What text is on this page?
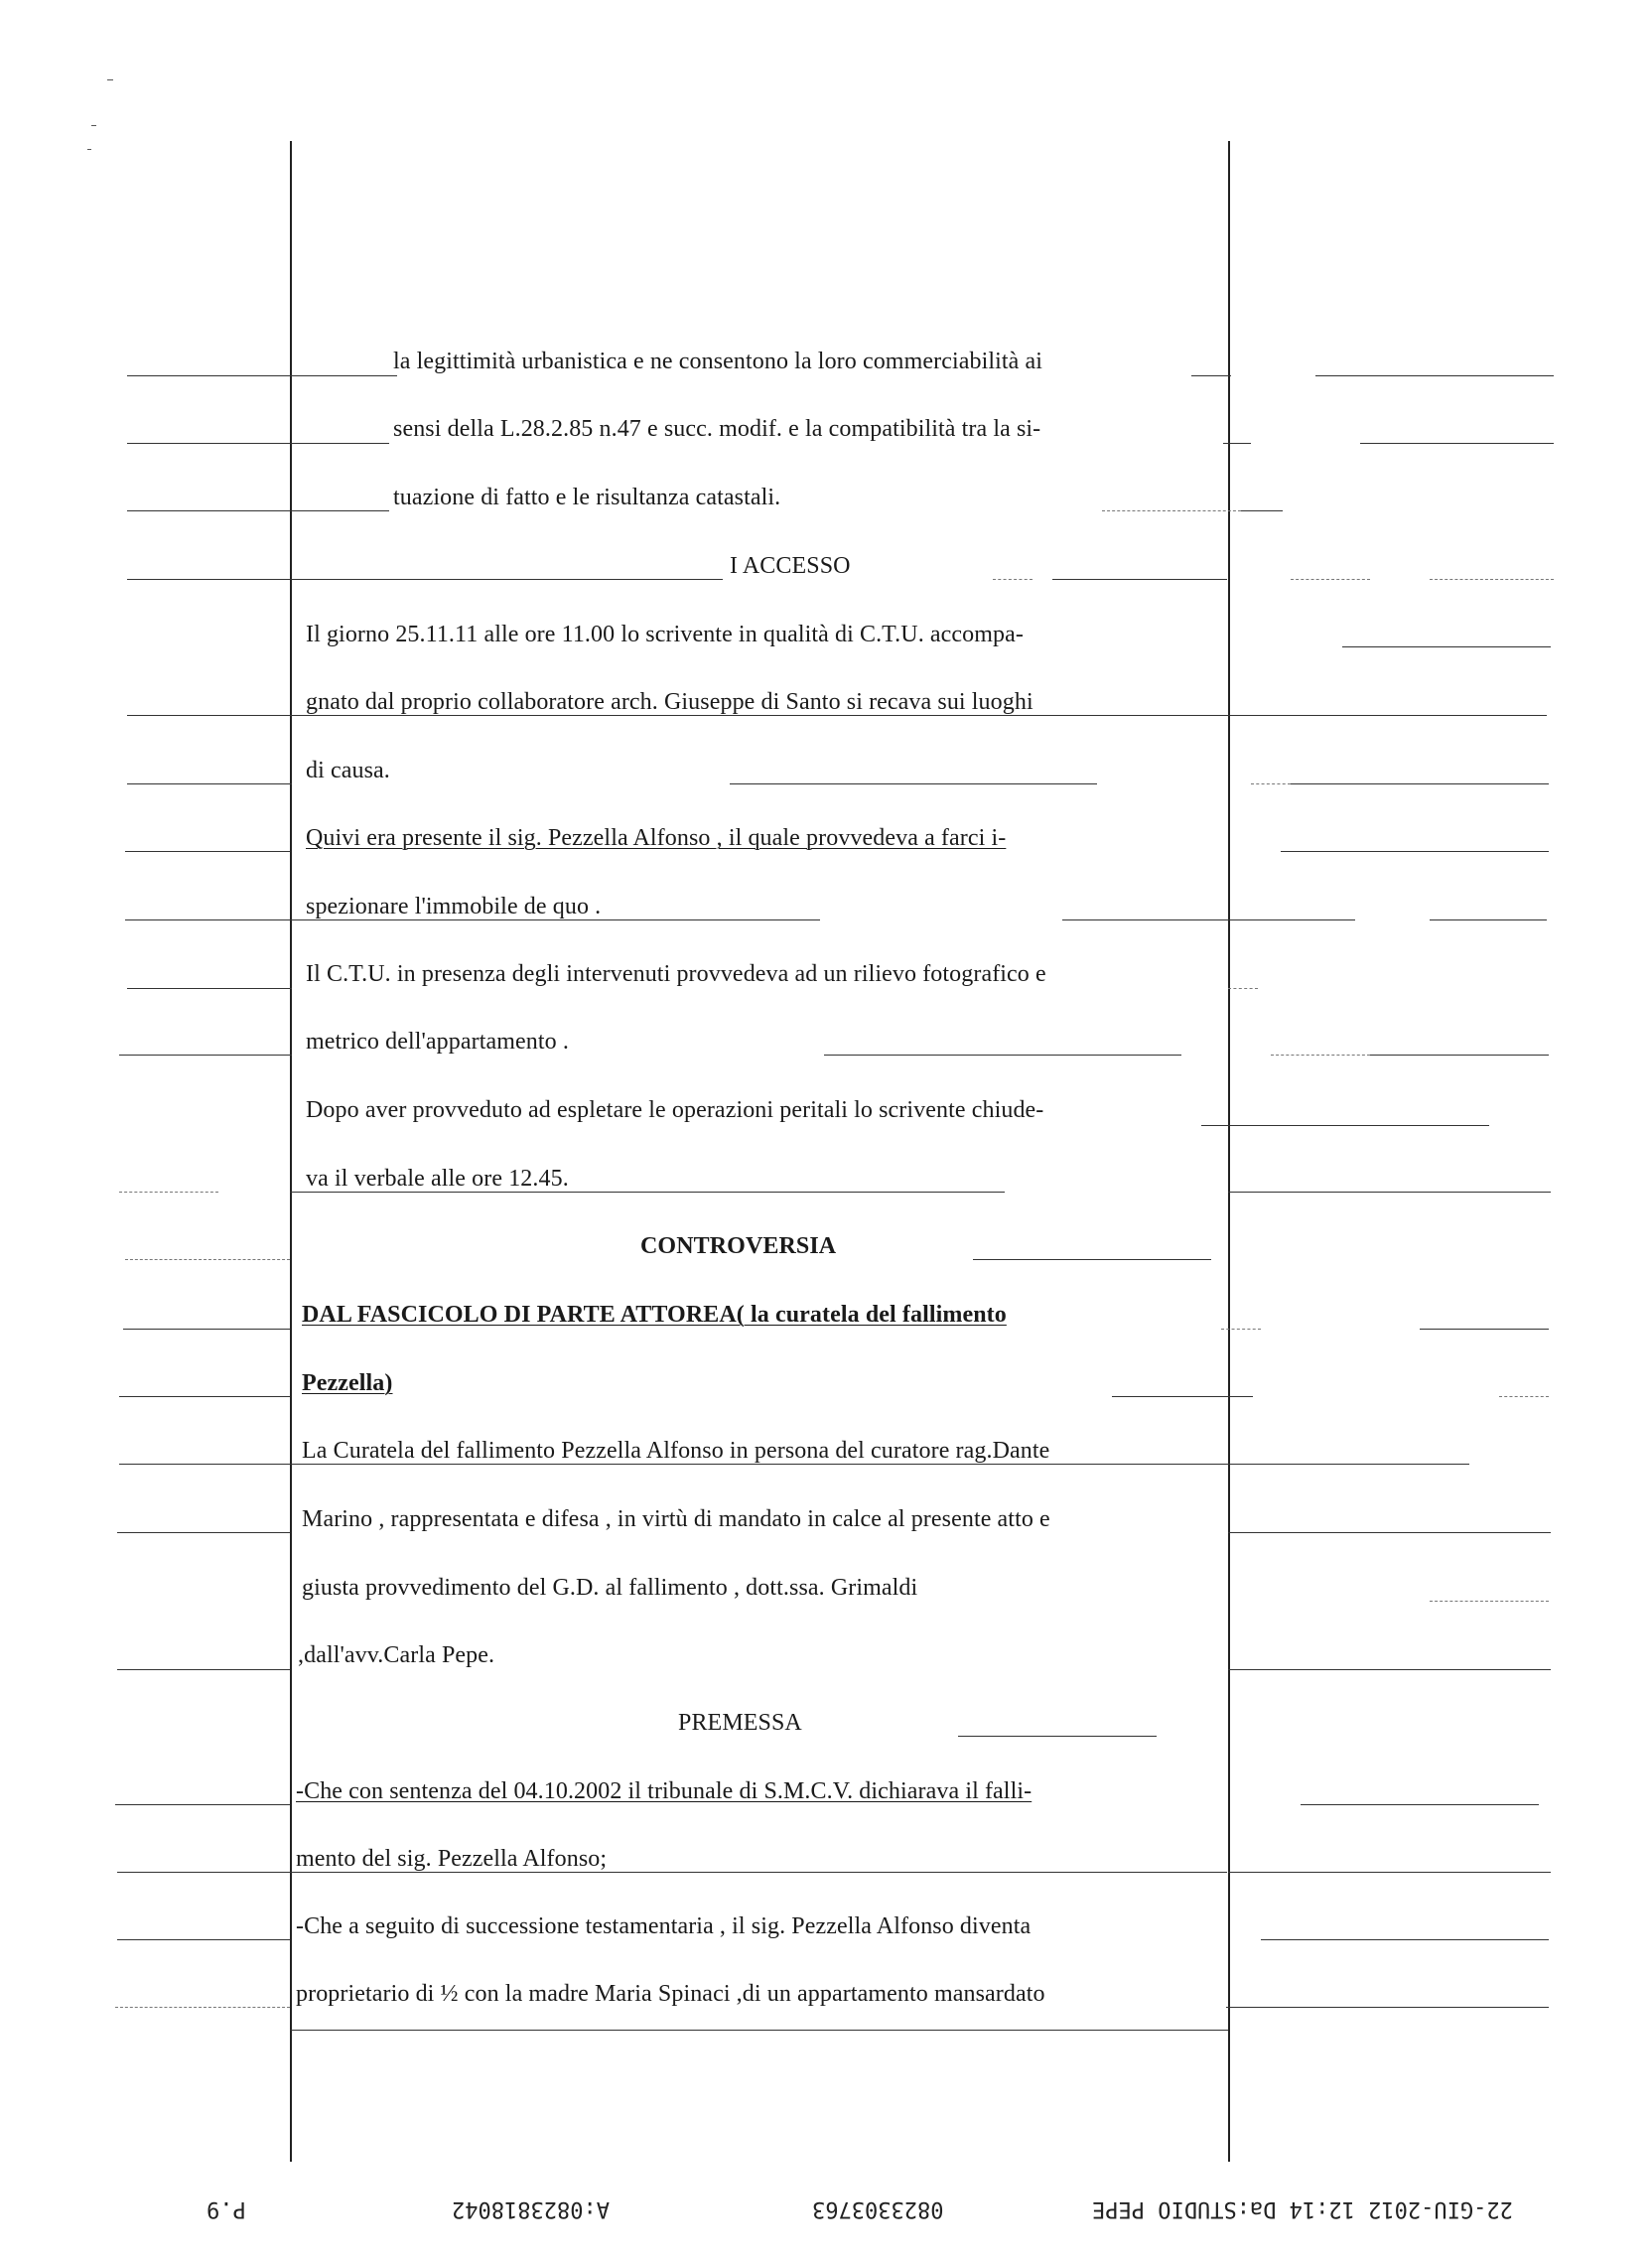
la legittimità urbanistica e ne consentono la loro commerciabilità ai
sensi della L.28.2.85 n.47 e succ. modif. e la compatibilità tra la si-
tuazione di fatto e le risultanza catastali.
I ACCESSO
Il giorno 25.11.11 alle ore 11.00 lo scrivente in qualità di C.T.U. accompa-
gnato dal proprio collaboratore arch. Giuseppe di Santo si recava sui luoghi
di causa.
Quivi era presente il sig. Pezzella Alfonso , il quale provvedeva a farci i-
spezionare l'immobile de quo .
Il C.T.U. in presenza degli intervenuti provvedeva ad un rilievo fotografico e
metrico dell'appartamento .
Dopo aver provveduto ad espletare le operazioni peritali lo scrivente chiude-
va il verbale alle ore 12.45.
CONTROVERSIA
DAL FASCICOLO DI PARTE ATTOREA( la curatela del fallimento
Pezzella)
La Curatela del fallimento Pezzella Alfonso in persona del curatore rag.Dante
Marino , rappresentata e difesa , in virtù di mandato in calce al presente atto e
giusta provvedimento del G.D. al fallimento , dott.ssa. Grimaldi
,dall'avv.Carla Pepe.
PREMESSA
-Che con sentenza del 04.10.2002 il tribunale di S.M.C.V. dichiarava il falli-
mento del sig. Pezzella Alfonso;
-Che a seguito di successione testamentaria , il sig. Pezzella Alfonso diventa
proprietario di ½ con la madre Maria Spinaci ,di un appartamento mansardato
P.9	A:0823818042	0823303763	22-GIU-2012 12:14 Da:STUDIO PEPE
